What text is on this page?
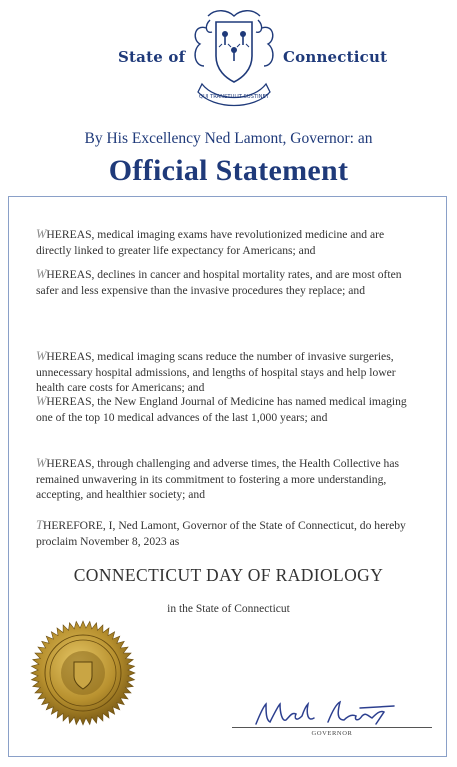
State of
QUI TRANSTULIT SUSTINET
Connecticut
By His Excellency Ned Lamont, Governor: an
Official Statement

WHEREAS, medical imaging exams have revolutionized medicine and are directly linked to greater life expectancy for Americans; and

WHEREAS, declines in cancer and hospital mortality rates, and are most often safer and less expensive than the invasive procedures they replace; and

WHEREAS, medical imaging scans reduce the number of invasive surgeries, unnecessary hospital admissions, and lengths of hospital stays and help lower health care costs for Americans; and

WHEREAS, the New England Journal of Medicine has named medical imaging one of the top 10 medical advances of the last 1,000 years; and

WHEREAS, through challenging and adverse times, the Health Collective has remained unwavering in its commitment to fostering a more understanding, accepting, and healthier society; and

THEREFORE, I, Ned Lamont, Governor of the State of Connecticut, do hereby proclaim November 8, 2023 as

CONNECTICUT DAY OF RADIOLOGY
in the State of Connecticut
GOVERNOR
